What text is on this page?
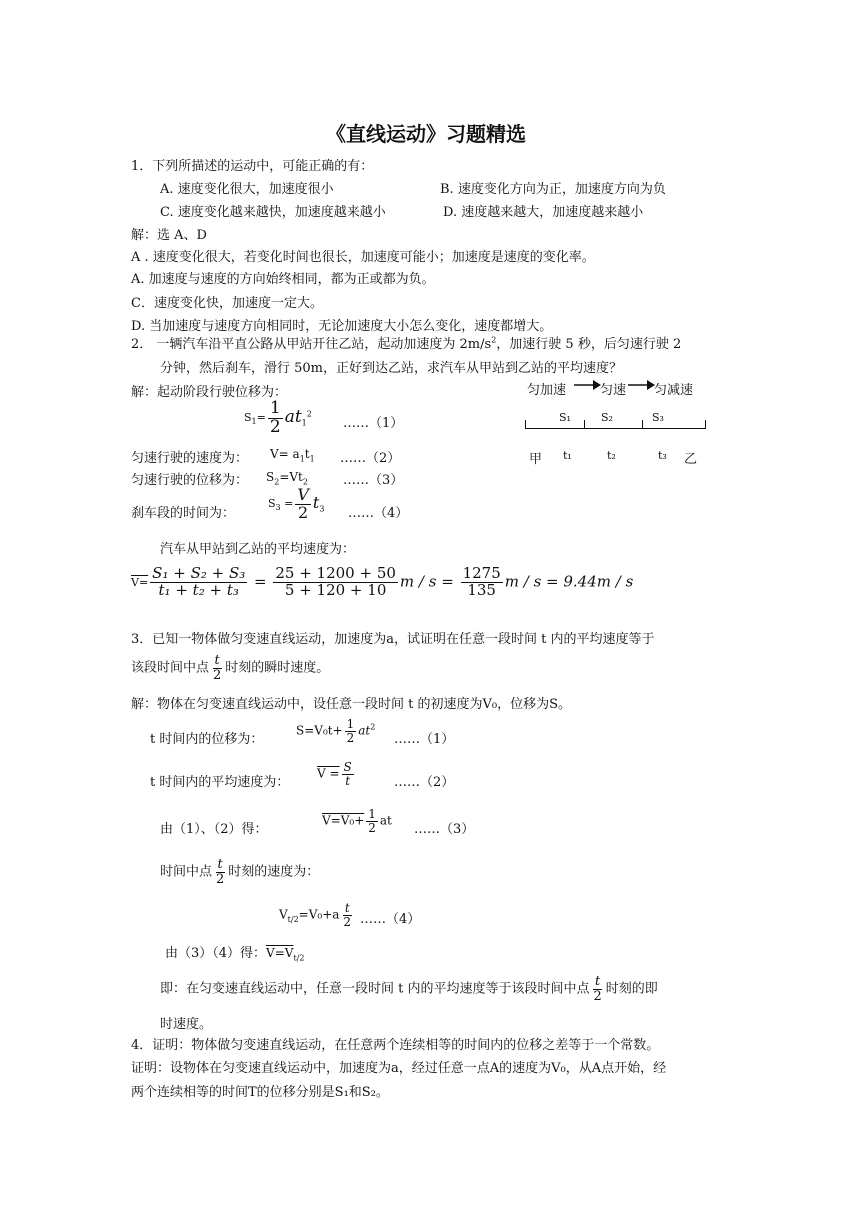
《直线运动》习题精选
1．下列所描述的运动中，可能正确的有：
A. 速度变化很大，加速度很小	B. 速度变化方向为正，加速度方向为负
C. 速度变化越来越快，加速度越来越小	D. 速度越来越大，加速度越来越小
解：选 A、D
A . 速度变化很大，若变化时间也很长，加速度可能小；加速度是速度的变化率。
A. 加速度与速度的方向始终相同，都为正或都为负。
C．速度变化快，加速度一定大。
D. 当加速度与速度方向相同时，无论加速度大小怎么变化，速度都增大。
2． 一辆汽车沿平直公路从甲站开往乙站，起动加速度为 $2m/s^2$，加速行驶 5 秒，后匀速行驶 2
分钟，然后刹车，滑行 50m，正好到达乙站，求汽车从甲站到乙站的平均速度？
解：起动阶段行驶位移为：
$S_1= \frac{1}{2} at_1^2$
……（1）
匀速行驶的速度为： $V= a_1t_1$ ……（2）
匀速行驶的位移为： $S_2=Vt_2$	……（3）
刹车段的时间为：
$S_3 = \frac{V}{2} t_3$ ……（4）
汽车从甲站到乙站的平均速度为：
$V= \frac{\text{S₁ + S₂ + S₃}}{\text{t₁ + t₂ + t₃}} = \frac{25 + 1200 + 50}{5 + 120 + 10}$ $m / s = \frac{1275}{135}$ m / s = 9.44m / s
匀加速	匀速 匀减速
S₁	S₂	S₃
甲 t₁	t₂	t₃ 乙
3．已知一物体做匀变速直线运动，加速度为a，试证明在任意一段时间 t 内的平均速度等于
该段时间中点 $\frac{t}{2}$ 时刻的瞬时速度。
解：物体在匀变速直线运动中，设任意一段时间 t 的初速度为V₀，位移为S。
t 时间内的位移为：
$S=V_0t+ \frac{1}{2} at^2$
……（1）
t 时间内的平均速度为：
$V = \frac{S}{t}$	……（2）
由（1）、（2）得：
$V=V_0+ \frac{1}{2}$ at
……（3）
时间中点 $\frac{t}{2}$ 时刻的速度为：
$V_{t/2}=V_0+a \frac{t}{2}$ ……（4）
由（3）（4）得：$V=V_{t/2}$
即：在匀变速直线运动中，任意一段时间 t 内的平均速度等于该段时间中点 $\frac{t}{2}$ 时刻的即
时速度。
4．证明：物体做匀变速直线运动，在任意两个连续相等的时间内的位移之差等于一个常数。
证明：设物体在匀变速直线运动中，加速度为a，经过任意一点A的速度为V₀，从A点开始，经
两个连续相等的时间T的位移分别是S₁和S₂。
